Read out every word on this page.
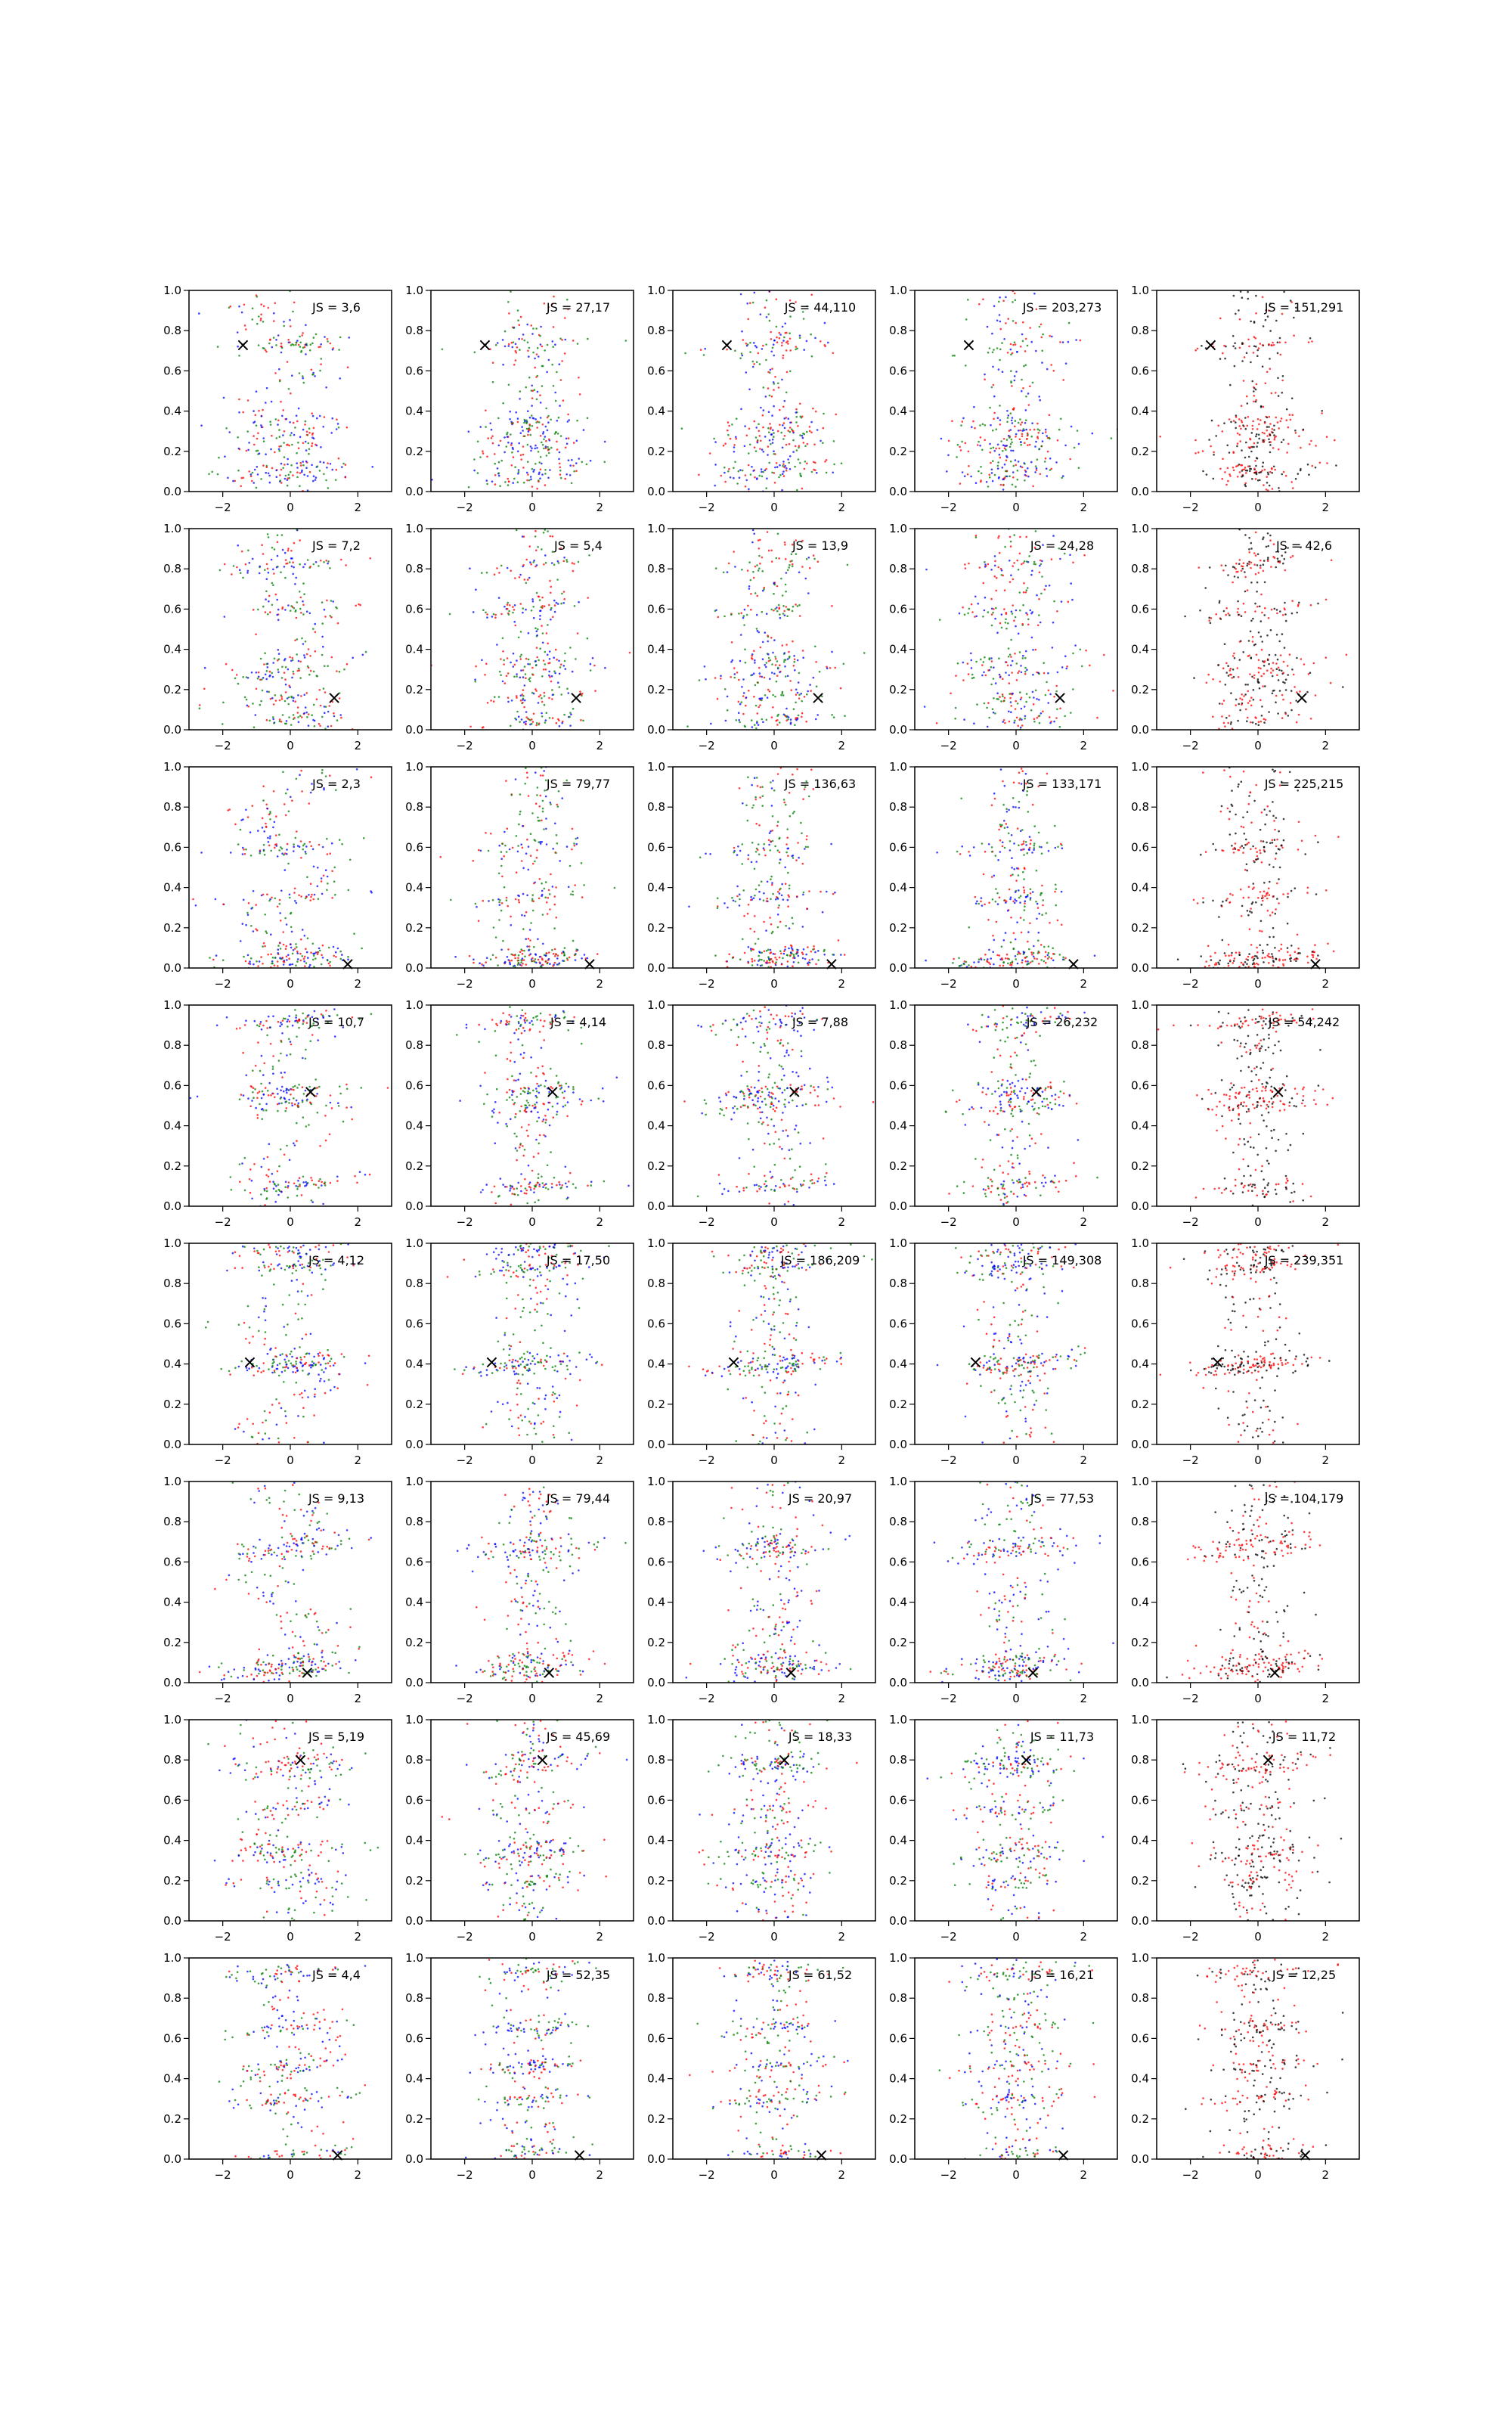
−2	0	2
0.0
0.2
0.4
0.6
0.8
1.0
×
JS = 3,6
−2	0	2
0.0
0.2
0.4
0.6
0.8
1.0
×
JS = 27,17
−2	0	2
0.0
0.2
0.4
0.6
0.8
1.0
×
JS = 44,110
−2	0	2
0.0
0.2
0.4
0.6
0.8
1.0
×
JS = 203,273
−2	0	2
0.0
0.2
0.4
0.6
0.8
1.0
×
JS = 151,291
−2	0	2
0.0
0.2
0.4
0.6
0.8
1.0
×
JS = 7,2
−2	0	2
0.0
0.2
0.4
0.6
0.8
1.0
×
JS = 5,4
−2	0	2
0.0
0.2
0.4
0.6
0.8
1.0
×
JS = 13,9
−2	0	2
0.0
0.2
0.4
0.6
0.8
1.0
×
JS = 24,28
−2	0	2
0.0
0.2
0.4
0.6
0.8
1.0
×
JS = 42,6
−2	0	2
0.0
0.2
0.4
0.6
0.8
1.0
×
JS = 2,3
−2	0	2
0.0
0.2
0.4
0.6
0.8
1.0
×
JS = 79,77
−2	0	2
0.0
0.2
0.4
0.6
0.8
1.0
×
JS = 136,63
−2	0	2
0.0
0.2
0.4
0.6
0.8
1.0
×
JS = 133,171
−2	0	2
0.0
0.2
0.4
0.6
0.8
1.0
×
JS = 225,215
−2	0	2
0.0
0.2
0.4
0.6
0.8
1.0
×
JS = 10,7
−2	0	2
0.0
0.2
0.4
0.6
0.8
1.0
×
JS = 4,14
−2	0	2
0.0
0.2
0.4
0.6
0.8
1.0
×
JS = 7,88
−2	0	2
0.0
0.2
0.4
0.6
0.8
1.0
×
JS = 26,232
−2	0	2
0.0
0.2
0.4
0.6
0.8
1.0
×
JS = 54,242
−2	0	2
0.0
0.2
0.4
0.6
0.8
1.0
×
JS = 4,12
−2	0	2
0.0
0.2
0.4
0.6
0.8
1.0
×
JS = 17,50
−2	0	2
0.0
0.2
0.4
0.6
0.8
1.0
×
JS = 186,209
−2	0	2
0.0
0.2
0.4
0.6
0.8
1.0
×
JS = 149,308
−2	0	2
0.0
0.2
0.4
0.6
0.8
1.0
×
JS = 239,351
−2	0	2
0.0
0.2
0.4
0.6
0.8
1.0
×
JS = 9,13
−2	0	2
0.0
0.2
0.4
0.6
0.8
1.0
×
JS = 79,44
−2	0	2
0.0
0.2
0.4
0.6
0.8
1.0
×
JS = 20,97
−2	0	2
0.0
0.2
0.4
0.6
0.8
1.0
×
JS = 77,53
−2	0	2
0.0
0.2
0.4
0.6
0.8
1.0
×
JS = 104,179
−2	0	2
0.0
0.2
0.4
0.6
0.8
1.0
×
JS = 5,19
−2	0	2
0.0
0.2
0.4
0.6
0.8
1.0
×
JS = 45,69
−2	0	2
0.0
0.2
0.4
0.6
0.8
1.0
×
JS = 18,33
−2	0	2
0.0
0.2
0.4
0.6
0.8
1.0
×
JS = 11,73
−2	0	2
0.0
0.2
0.4
0.6
0.8
1.0
×
JS = 11,72
−2	0	2
0.0
0.2
0.4
0.6
0.8
1.0
×
JS = 4,4
−2	0	2
0.0
0.2
0.4
0.6
0.8
1.0
×
JS = 52,35
−2	0	2
0.0
0.2
0.4
0.6
0.8
1.0
×
JS = 61,52
−2	0	2
0.0
0.2
0.4
0.6
0.8
1.0
×
JS = 16,21
−2	0	2
0.0
0.2
0.4
0.6
0.8
1.0
×
JS = 12,25
